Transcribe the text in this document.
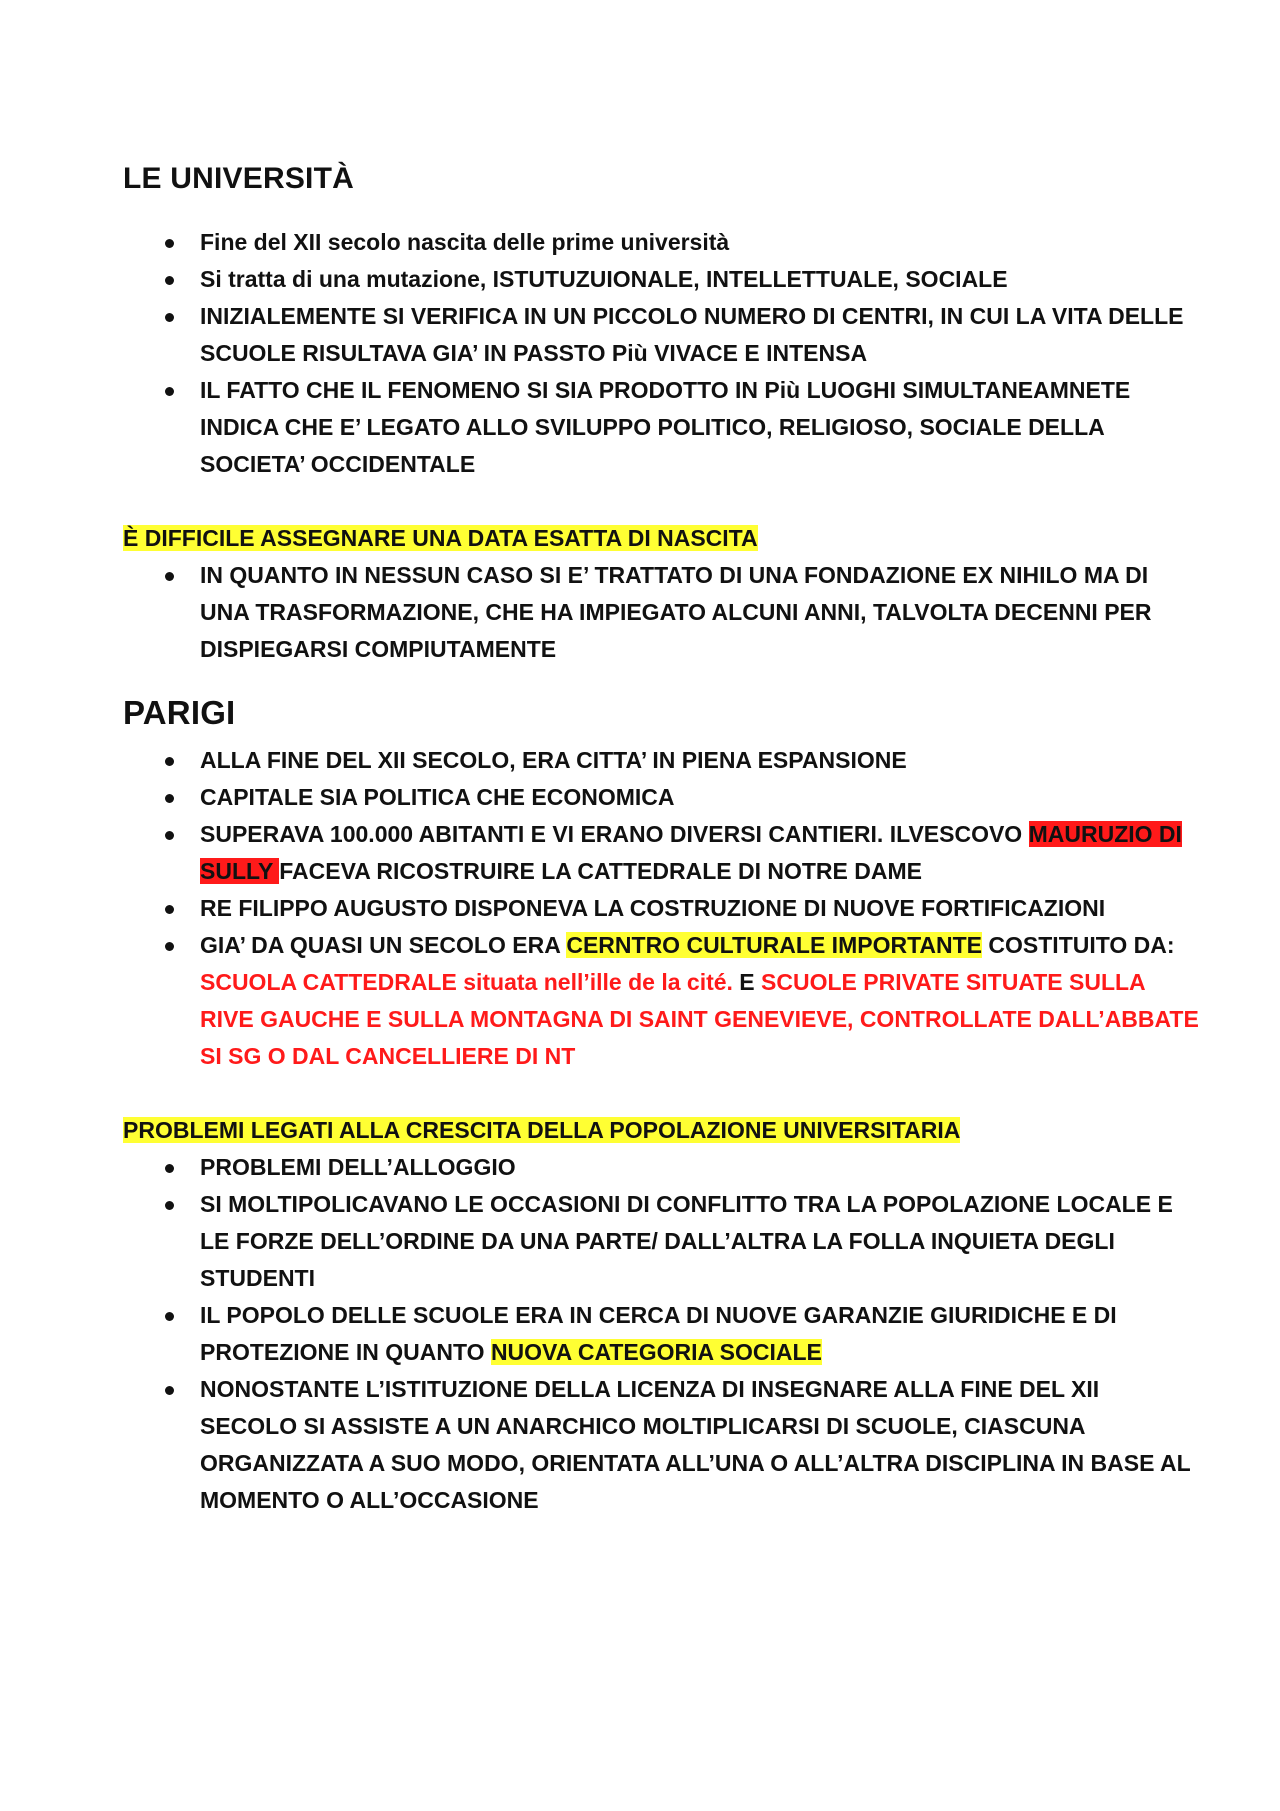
LE UNIVERSITÀ
Fine del XII secolo nascita delle prime università
Si tratta di una mutazione, ISTUTUZUIONALE, INTELLETTUALE, SOCIALE
INIZIALEMENTE SI VERIFICA IN UN PICCOLO NUMERO DI CENTRI, IN CUI LA VITA DELLE SCUOLE RISULTAVA GIA’ IN PASSTO Più VIVACE E INTENSA
IL FATTO CHE IL FENOMENO SI SIA PRODOTTO IN Più LUOGHI SIMULTANEAMNETE INDICA CHE E’ LEGATO ALLO SVILUPPO POLITICO, RELIGIOSO, SOCIALE DELLA SOCIETA’ OCCIDENTALE

È DIFFICILE ASSEGNARE UNA DATA ESATTA DI NASCITA

IN QUANTO IN NESSUN CASO SI E’ TRATTATO DI UNA FONDAZIONE EX NIHILO MA DI UNA TRASFORMAZIONE, CHE HA IMPIEGATO ALCUNI ANNI, TALVOLTA DECENNI PER DISPIEGARSI COMPIUTAMENTE
PARIGI
ALLA FINE DEL XII SECOLO, ERA CITTA’ IN PIENA ESPANSIONE
CAPITALE SIA POLITICA CHE ECONOMICA
SUPERAVA 100.000 ABITANTI E VI ERANO DIVERSI CANTIERI. ILVESCOVO MAURUZIO DI SULLY FACEVA RICOSTRUIRE LA CATTEDRALE DI NOTRE DAME
RE FILIPPO AUGUSTO DISPONEVA LA COSTRUZIONE DI NUOVE FORTIFICAZIONI
GIA’ DA QUASI UN SECOLO ERA CERNTRO CULTURALE IMPORTANTE COSTITUITO DA: SCUOLA CATTEDRALE situata nell’ille de la cité. E SCUOLE PRIVATE SITUATE SULLA RIVE GAUCHE E SULLA MONTAGNA DI SAINT GENEVIEVE, CONTROLLATE DALL’ABBATE SI SG O DAL CANCELLIERE DI NT

PROBLEMI LEGATI ALLA CRESCITA DELLA POPOLAZIONE UNIVERSITARIA

PROBLEMI DELL’ALLOGGIO
SI MOLTIPOLICAVANO LE OCCASIONI DI CONFLITTO TRA LA POPOLAZIONE LOCALE E LE FORZE DELL’ORDINE DA UNA PARTE/ DALL’ALTRA LA FOLLA INQUIETA DEGLI STUDENTI
IL POPOLO DELLE SCUOLE ERA IN CERCA DI NUOVE GARANZIE GIURIDICHE E DI PROTEZIONE IN QUANTO NUOVA CATEGORIA SOCIALE
NONOSTANTE L’ISTITUZIONE DELLA LICENZA DI INSEGNARE ALLA FINE DEL XII SECOLO SI ASSISTE A UN ANARCHICO MOLTIPLICARSI DI SCUOLE, CIASCUNA ORGANIZZATA A SUO MODO, ORIENTATA ALL’UNA O ALL’ALTRA DISCIPLINA IN BASE AL MOMENTO O ALL’OCCASIONE
